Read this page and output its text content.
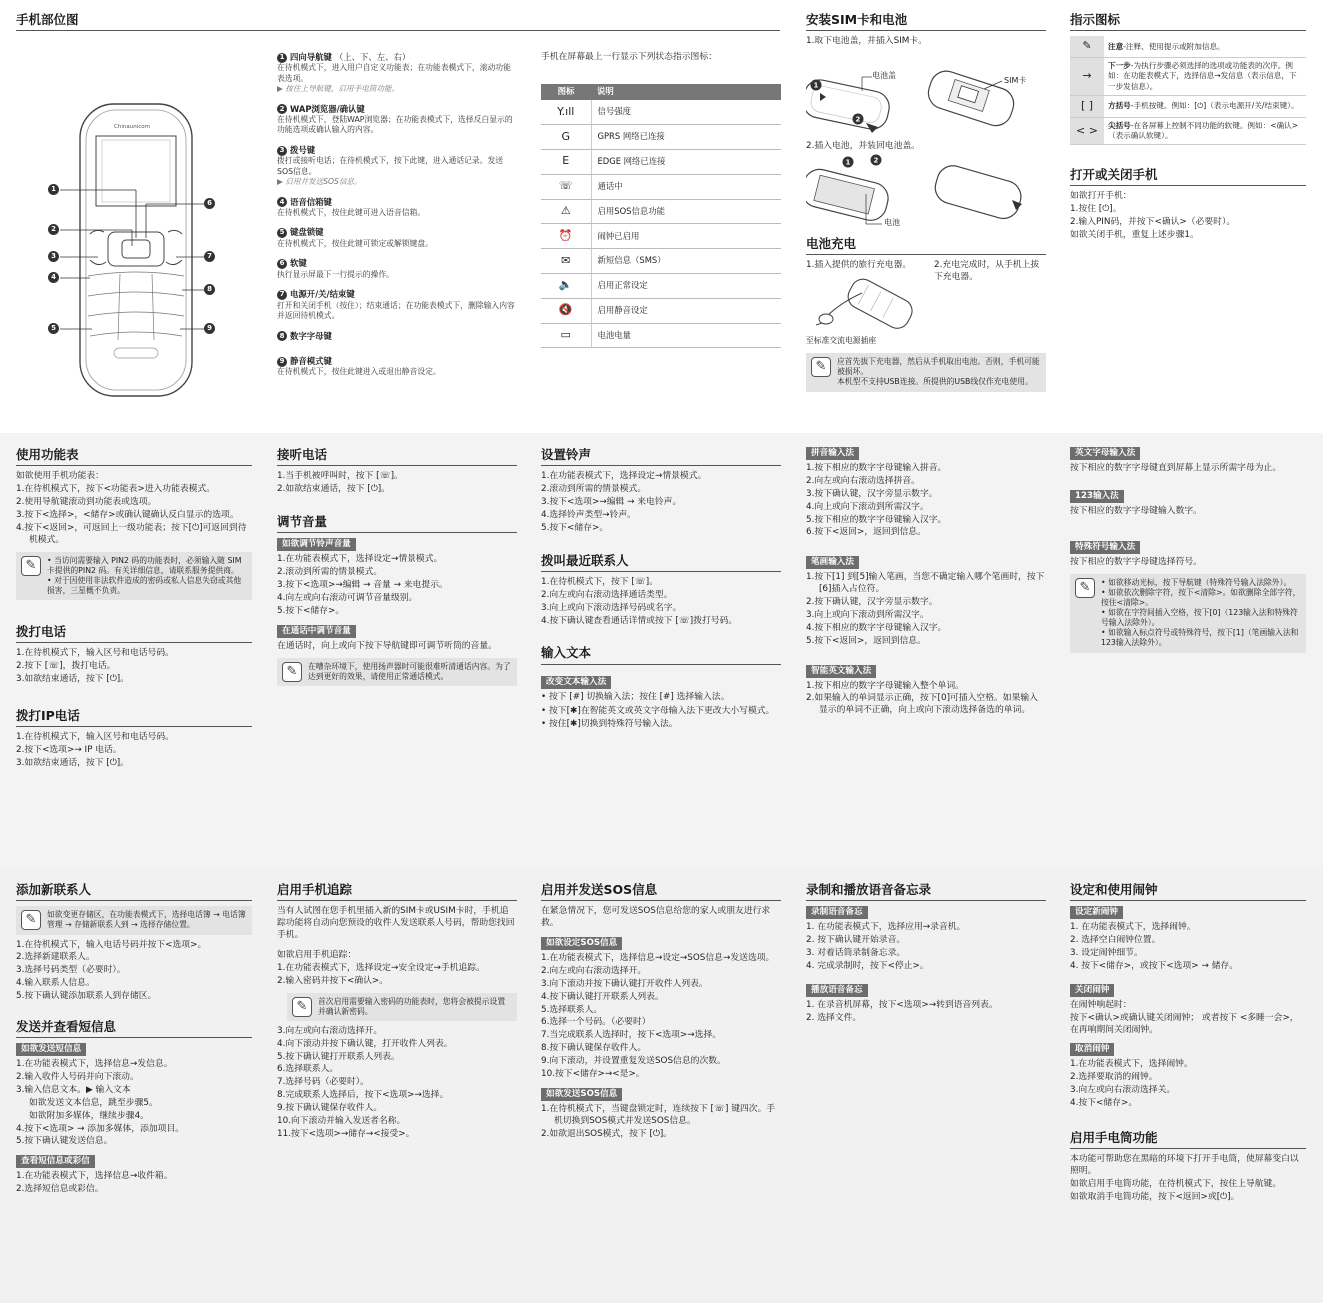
手机部位图
Chinaunicom
1
2
3
4
5
6
7
8
9
1 四向导航键 （上、下、左、右）
在待机模式下，进入用户自定义功能表；在功能表模式下，滚动功能表选项。
▶ 按住上导航键，启用手电筒功能。
2 WAP浏览器/确认键
在待机模式下，登陆WAP浏览器；在功能表模式下，选择反白显示的功能选项或确认输入的内容。
3 拨号键
拨打或接听电话；在待机模式下，按下此键，进入通话记录。发送SOS信息。
▶ 启用并发送SOS信息。
4 语音信箱键
在待机模式下，按住此键可进入语音信箱。
5 键盘锁键
在待机模式下，按住此键可锁定或解锁键盘。
6 软键
执行显示屏最下一行提示的操作。
7 电源开/关/结束键
打开和关闭手机（按住）；结束通话；在功能表模式下，删除输入内容并返回待机模式。
8 数字字母键
9 静音模式键
在待机模式下，按住此键进入或退出静音设定。
手机在屏幕最上一行显示下列状态指示图标：
图标	说明
Y.ıll	信号强度
G	GPRS 网络已连接
E	EDGE 网络已连接
☏	通话中
⚠	启用SOS信息功能
⏰	闹钟已启用
✉	新短信息（SMS）
🔈	启用正常设定
🔇	启用静音设定
▭	电池电量
安装SIM卡和电池
1.取下电池盖，并插入SIM卡。
1
2
电池盖
SIM卡
2.插入电池，并装回电池盖。
1	2
电池
电池充电
1.插入提供的旅行充电器。	2.充电完成时，从手机上拔下充电器。
至标准交流电源插座
✎	应首先拔下充电器，然后从手机取出电池。否则，手机可能被损坏。
本机型不支持USB连接。所提供的USB线仅作充电使用。
指示图标
✎	注意-注释、使用提示或附加信息。
→	下一步-为执行步骤必须选择的选项或功能表的次序。例如：在功能表模式下，选择信息→发信息（表示信息，下一步发信息）。
[ ]	方括号-手机按键。例如：[⏻]（表示电源开/关/结束键）。
< >	尖括号-在各屏幕上控制不同功能的软键。例如：<确认>（表示确认软键）。
打开或关闭手机
如欲打开手机：
1.按住 [⏻]。
2.输入PIN码，并按下<确认>（必要时）。
如欲关闭手机，重复上述步骤1。
使用功能表
如欲使用手机功能表：
1.在待机模式下，按下<功能表>进入功能表模式。
2.使用导航键滚动到功能表或选项。
3.按下<选择>，<储存>或确认键确认反白显示的选项。
4.按下<返回>，可返回上一级功能表；按下[⏻]可返回到待机模式。
✎	• 当访问需要输入 PIN2 码的功能表时，必须输入随 SIM 卡提供的PIN2 码。有关详细信息，请联系服务提供商。
• 对于因使用非法软件造成的密码或私人信息失窃或其他损害，三星概不负责。
拨打电话
1.在待机模式下，输入区号和电话号码。
2.按下 [☏]，拨打电话。
3.如欲结束通话，按下 [⏻]。
拨打IP电话
1.在待机模式下，输入区号和电话号码。
2.按下<选项>→ IP 电话。
3.如欲结束通话，按下 [⏻]。
接听电话
1.当手机被呼叫时，按下 [☏]。
2.如欲结束通话，按下 [⏻]。
调节音量
如欲调节铃声音量
1.在功能表模式下，选择设定→情景模式。
2.滚动到所需的情景模式。
3.按下<选项>→编辑 → 音量 → 来电提示。
4.向左或向右滚动可调节音量级别。
5.按下<储存>。
在通话中调节音量
在通话时，向上或向下按下导航键即可调节听筒的音量。
✎	在嘈杂环境下，使用扬声器时可能很难听清通话内容。为了达到更好的效果，请使用正常通话模式。
设置铃声
1.在功能表模式下，选择设定→情景模式。
2.滚动到所需的情景模式。
3.按下<选项>→编辑 → 来电铃声。
4.选择铃声类型→铃声。
5.按下<储存>。
拨叫最近联系人
1.在待机模式下，按下 [☏]。
2.向左或向右滚动选择通话类型。
3.向上或向下滚动选择号码或名字。
4.按下确认键查看通话详情或按下 [☏]拨打号码。
输入文本
改变文本输入法
• 按下 [#] 切换输入法；按住 [#] 选择输入法。
• 按下[✱]在智能英文或英文字母输入法下更改大小写模式。
• 按住[✱]切换到特殊符号输入法。
拼音输入法
1.按下相应的数字字母键输入拼音。
2.向左或向右滚动选择拼音。
3.按下确认键，汉字旁显示数字。
4.向上或向下滚动到所需汉字。
5.按下相应的数字字母键输入汉字。
6.按下<返回>，返回到信息。
笔画输入法
1.按下[1] 到[5]输入笔画，当您不确定输入哪个笔画时，按下[6]插入占位符。
2.按下确认键，汉字旁显示数字。
3.向上或向下滚动到所需汉字。
4.按下相应的数字字母键输入汉字。
5.按下<返回>，返回到信息。
智能英文输入法
1.按下相应的数字字母键输入整个单词。
2.如果输入的单词显示正确，按下[0]可插入空格。如果输入显示的单词不正确，向上或向下滚动选择备选的单词。
英文字母输入法
按下相应的数字字母键直到屏幕上显示所需字母为止。
123输入法
按下相应的数字字母键输入数字。
特殊符号输入法
按下相应的数字字母键选择符号。
✎	• 如欲移动光标，按下导航键（特殊符号输入法除外）。
• 如欲依次删除字符，按下<清除>。如欲删除全部字符，按住<清除>。
• 如欲在字符间插入空格，按下[0]（123输入法和特殊符号输入法除外）。
• 如欲输入标点符号或特殊符号，按下[1]（笔画输入法和123输入法除外）。
添加新联系人
✎	如欲变更存储区，在功能表模式下，选择电话簿 → 电话簿管理 → 存储新联系人到 → 选择存储位置。
1.在待机模式下，输入电话号码并按下<选项>。
2.选择新建联系人。
3.选择号码类型（必要时）。
4.输入联系人信息。
5.按下确认键添加联系人到存储区。
发送并查看短信息
如欲发送短信息
1.在功能表模式下，选择信息→发信息。
2.输入收件人号码并向下滚动。
3.输入信息文本。▶ 输入文本
如欲发送文本信息，跳至步骤5。
如欲附加多媒体，继续步骤4。
4.按下<选项> → 添加多媒体，添加项目。
5.按下确认键发送信息。
查看短信息或彩信
1.在功能表模式下，选择信息→收件箱。
2.选择短信息或彩信。
启用手机追踪
当有人试图在您手机里插入新的SIM卡或USIM卡时，手机追踪功能将自动向您预设的收件人发送联系人号码，帮助您找回手机。
如欲启用手机追踪：
1.在功能表模式下，选择设定→安全设定→手机追踪。
2.输入密码并按下<确认>。
✎	首次启用需要输入密码的功能表时，您将会被提示设置并确认新密码。
3.向左或向右滚动选择开。
4.向下滚动并按下确认键，打开收件人列表。
5.按下确认键打开联系人列表。
6.选择联系人。
7.选择号码（必要时）。
8.完成联系人选择后，按下<选项>→选择。
9.按下确认键保存收件人。
10.向下滚动并输入发送者名称。
11.按下<选项>→储存→<接受>。
启用并发送SOS信息
在紧急情况下，您可发送SOS信息给您的家人或朋友进行求救。
如欲设定SOS信息
1.在功能表模式下，选择信息→设定→SOS信息→发送选项。
2.向左或向右滚动选择开。
3.向下滚动并按下确认键打开收件人列表。
4.按下确认键打开联系人列表。
5.选择联系人。
6.选择一个号码。（必要时）
7.当完成联系人选择时，按下<选项>→选择。
8.按下确认键保存收件人。
9.向下滚动，并设置重复发送SOS信息的次数。
10.按下<储存>→<是>。
如欲发送SOS信息
1.在待机模式下，当键盘锁定时，连续按下 [☏] 键四次。手机切换到SOS模式并发送SOS信息。
2.如欲退出SOS模式，按下 [⏻]。
录制和播放语音备忘录
录制语音备忘
1. 在功能表模式下，选择应用→录音机。
2. 按下确认键开始录音。
3. 对着话筒录制备忘录。
4. 完成录制时，按下<停止>。
播放语音备忘
1. 在录音机屏幕，按下<选项>→转到语音列表。
2. 选择文件。
设定和使用闹钟
设定新闹钟
1. 在功能表模式下，选择闹钟。
2. 选择空白闹钟位置。
3. 设定闹钟细节。
4. 按下<储存>，或按下<选项> → 储存。
关闭闹钟
在闹钟响起时：
按下<确认>或确认键关闭闹钟； 或者按下 <多睡一会>，在再响期间关闭闹钟。
取消闹钟
1.在功能表模式下，选择闹钟。
2.选择要取消的闹钟。
3.向左或向右滚动选择关。
4.按下<储存>。
启用手电筒功能
本功能可帮助您在黑暗的环境下打开手电筒，使屏幕变白以照明。
如欲启用手电筒功能，在待机模式下，按住上导航键。
如欲取消手电筒功能，按下<返回>或[⏻]。
